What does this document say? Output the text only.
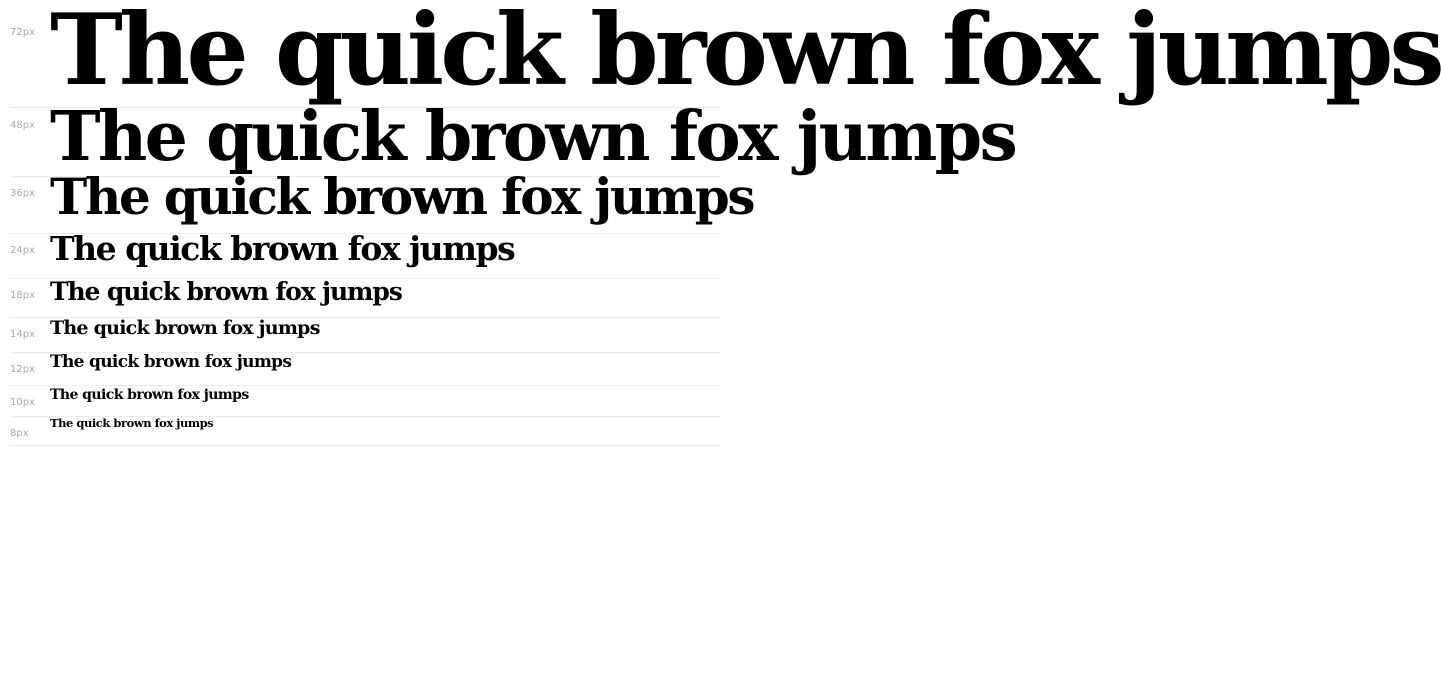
72px The quick brown fox jumps
48px The quick brown fox jumps
36px The quick brown fox jumps
24px The quick brown fox jumps
18px The quick brown fox jumps
14px The quick brown fox jumps
12px The quick brown fox jumps
10px The quick brown fox jumps
8px
The quick brown fox jumps
